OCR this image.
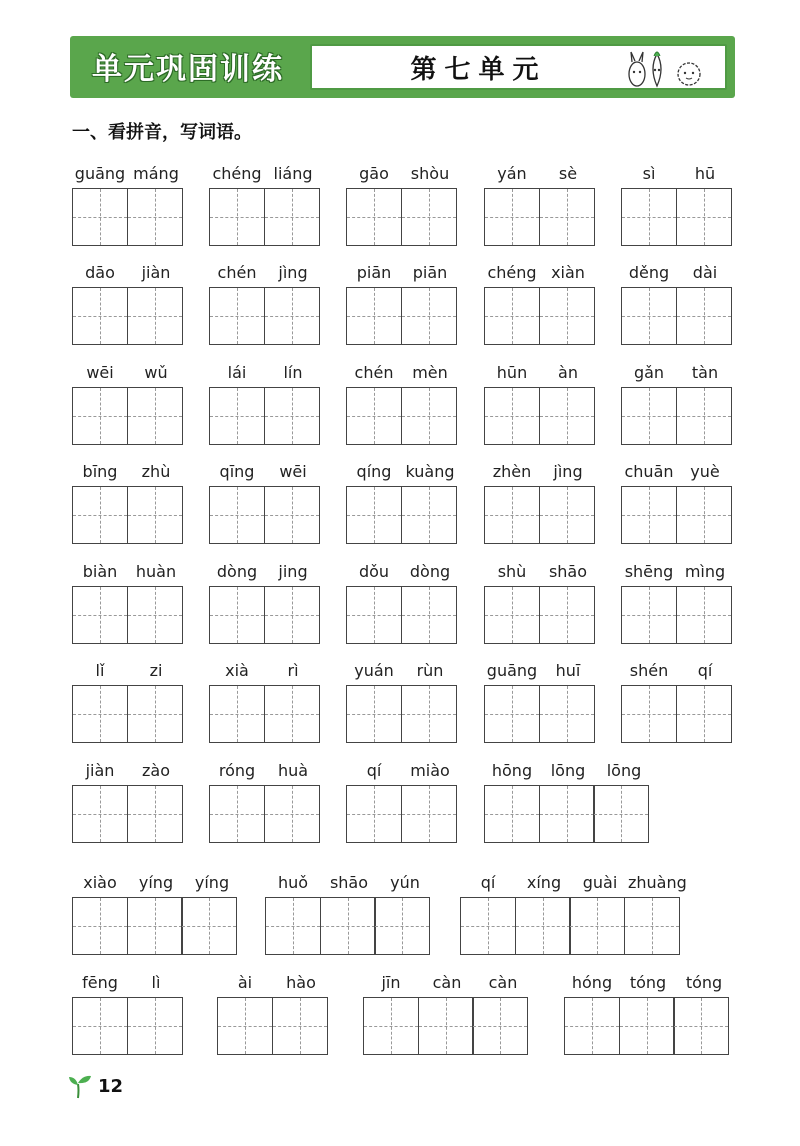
单元巩固训练	第七单元
一、看拼音，写词语。
guāng máng	chéng liáng	gāo	shòu	yán	sè	sì	hū
dāo	jiàn	chén	jìng	piān	piān	chéng xiàn	děng	dài
wēi	wǔ	lái	lín	chén	mèn	hūn	àn	gǎn	tàn
bīng	zhù	qīng	wēi	qíng kuàng	zhèn	jìng	chuān	yuè
biàn	huàn	dòng	jing	dǒu	dòng	shù	shāo	shēng mìng
lǐ	zi	xià	rì	yuán	rùn	guāng	huī	shén	qí
jiàn	zào	róng	huà	qí	miào	hōng	lōng	lōng
xiào	yíng	yíng	huǒ	shāo	yún	qí	xíng	guài zhuàng
fēng	lì	ài	hào	jīn	càn	càn	hóng	tóng	tóng
12
